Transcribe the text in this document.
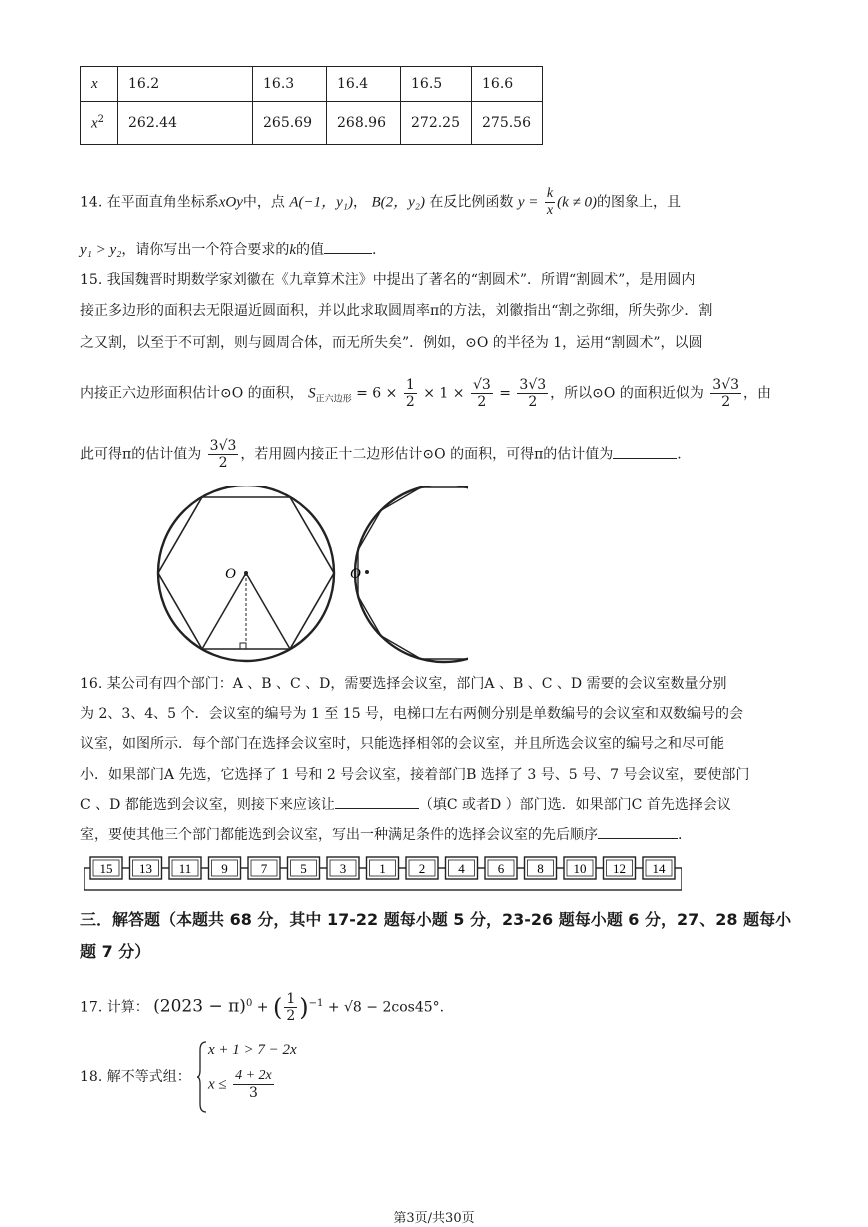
x	16.2	16.3	16.4	16.5	16.6
$x^2$	262.44	265.69	268.96	272.25	275.56
14. 在平面直角坐标系xOy中，点 A(−1，y₁)， B(2，y₂) 在反比例函数 $y = \frac{k}{x} (k \ne 0)$的图象上，且
y₁ > y₂，请你写出一个符合要求的k的值	.
15. 我国魏晋时期数学家刘徽在《九章算术注》中提出了著名的“割圆术”．所谓“割圆术”，是用圆内
接正多边形的面积去无限逼近圆面积，并以此求取圆周率π的方法，刘徽指出“割之弥细，所失弥少．割
之又割，以至于不可割，则与圆周合体，而无所失矣”．例如，⊙O 的半径为 1，运用“割圆术”，以圆
内接正六边形面积估计⊙O 的面积， $S_{正六边形} = 6 \times \frac{1}{2} \times 1 \times \frac{√3}{2} = \frac{3√3}{2}$ ，所以⊙O 的面积近似为 $\frac{3√3}{2}$ ，由
此可得π的估计值为 $\frac{3√3}{2}$ ，若用圆内接正十二边形估计⊙O 的面积，可得π的估计值为	.
O	O
16. 某公司有四个部门：A 、B 、C 、D，需要选择会议室，部门A 、B 、C 、D 需要的会议室数量分别
为 2、3、4、5 个．会议室的编号为 1 至 15 号，电梯口左右两侧分别是单数编号的会议室和双数编号的会
议室，如图所示．每个部门在选择会议室时，只能选择相邻的会议室，并且所选会议室的编号之和尽可能
小．如果部门A 先选，它选择了 1 号和 2 号会议室，接着部门B 选择了 3 号、5 号、7 号会议室，要使部门
C 、D 都能选到会议室，则接下来应该让	（填C 或者D ）部门选．如果部门C 首先选择会议
室，要使其他三个部门都能选到会议室，写出一种满足条件的选择会议室的先后顺序	.
15 13 11 9	7	5	3	1	2	4	6	8 10 12 14
三．解答题（本题共 68 分，其中 17-22 题每小题 5 分，23-26 题每小题 6 分，27、28 题每小
题 7 分）
17. 计算： $(2023 - \pi)^0$ + ( $\frac{1}{2} )^{-1} + √8 - 2\cos 45^\circ$.
18. 解不等式组：
x + 1 > 7 − 2x
$x \le \frac{4 + 2x}{3}$
第3页/共30页
